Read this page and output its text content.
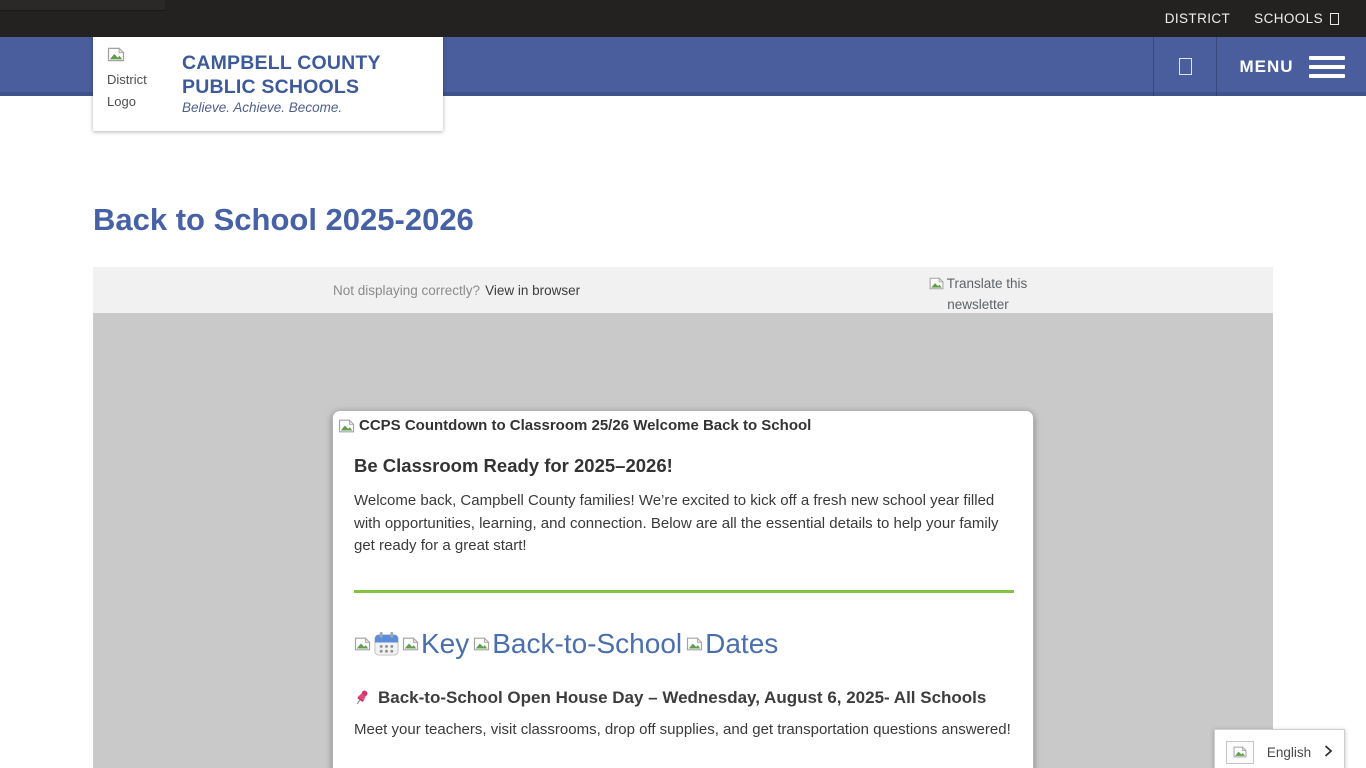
DISTRICT SCHOOLS
MENU
District Logo
CAMPBELL COUNTY
PUBLIC SCHOOLS
Believe. Achieve. Become.
Back to School 2025-2026
Not displaying correctly? View in browser	Translate this newsletter
CCPS Countdown to Classroom 25/26 Welcome Back to School
Be Classroom Ready for 2025–2026!

Welcome back, Campbell County families! We’re excited to kick off a fresh new school year filled with opportunities, learning, and connection. Below are all the essential details to help your family get ready for a great start!

Key Back-to-School Dates
Back-to-School Open House Day – Wednesday, August 6, 2025- All Schools

Meet your teachers, visit classrooms, drop off supplies, and get transportation questions answered!

English
